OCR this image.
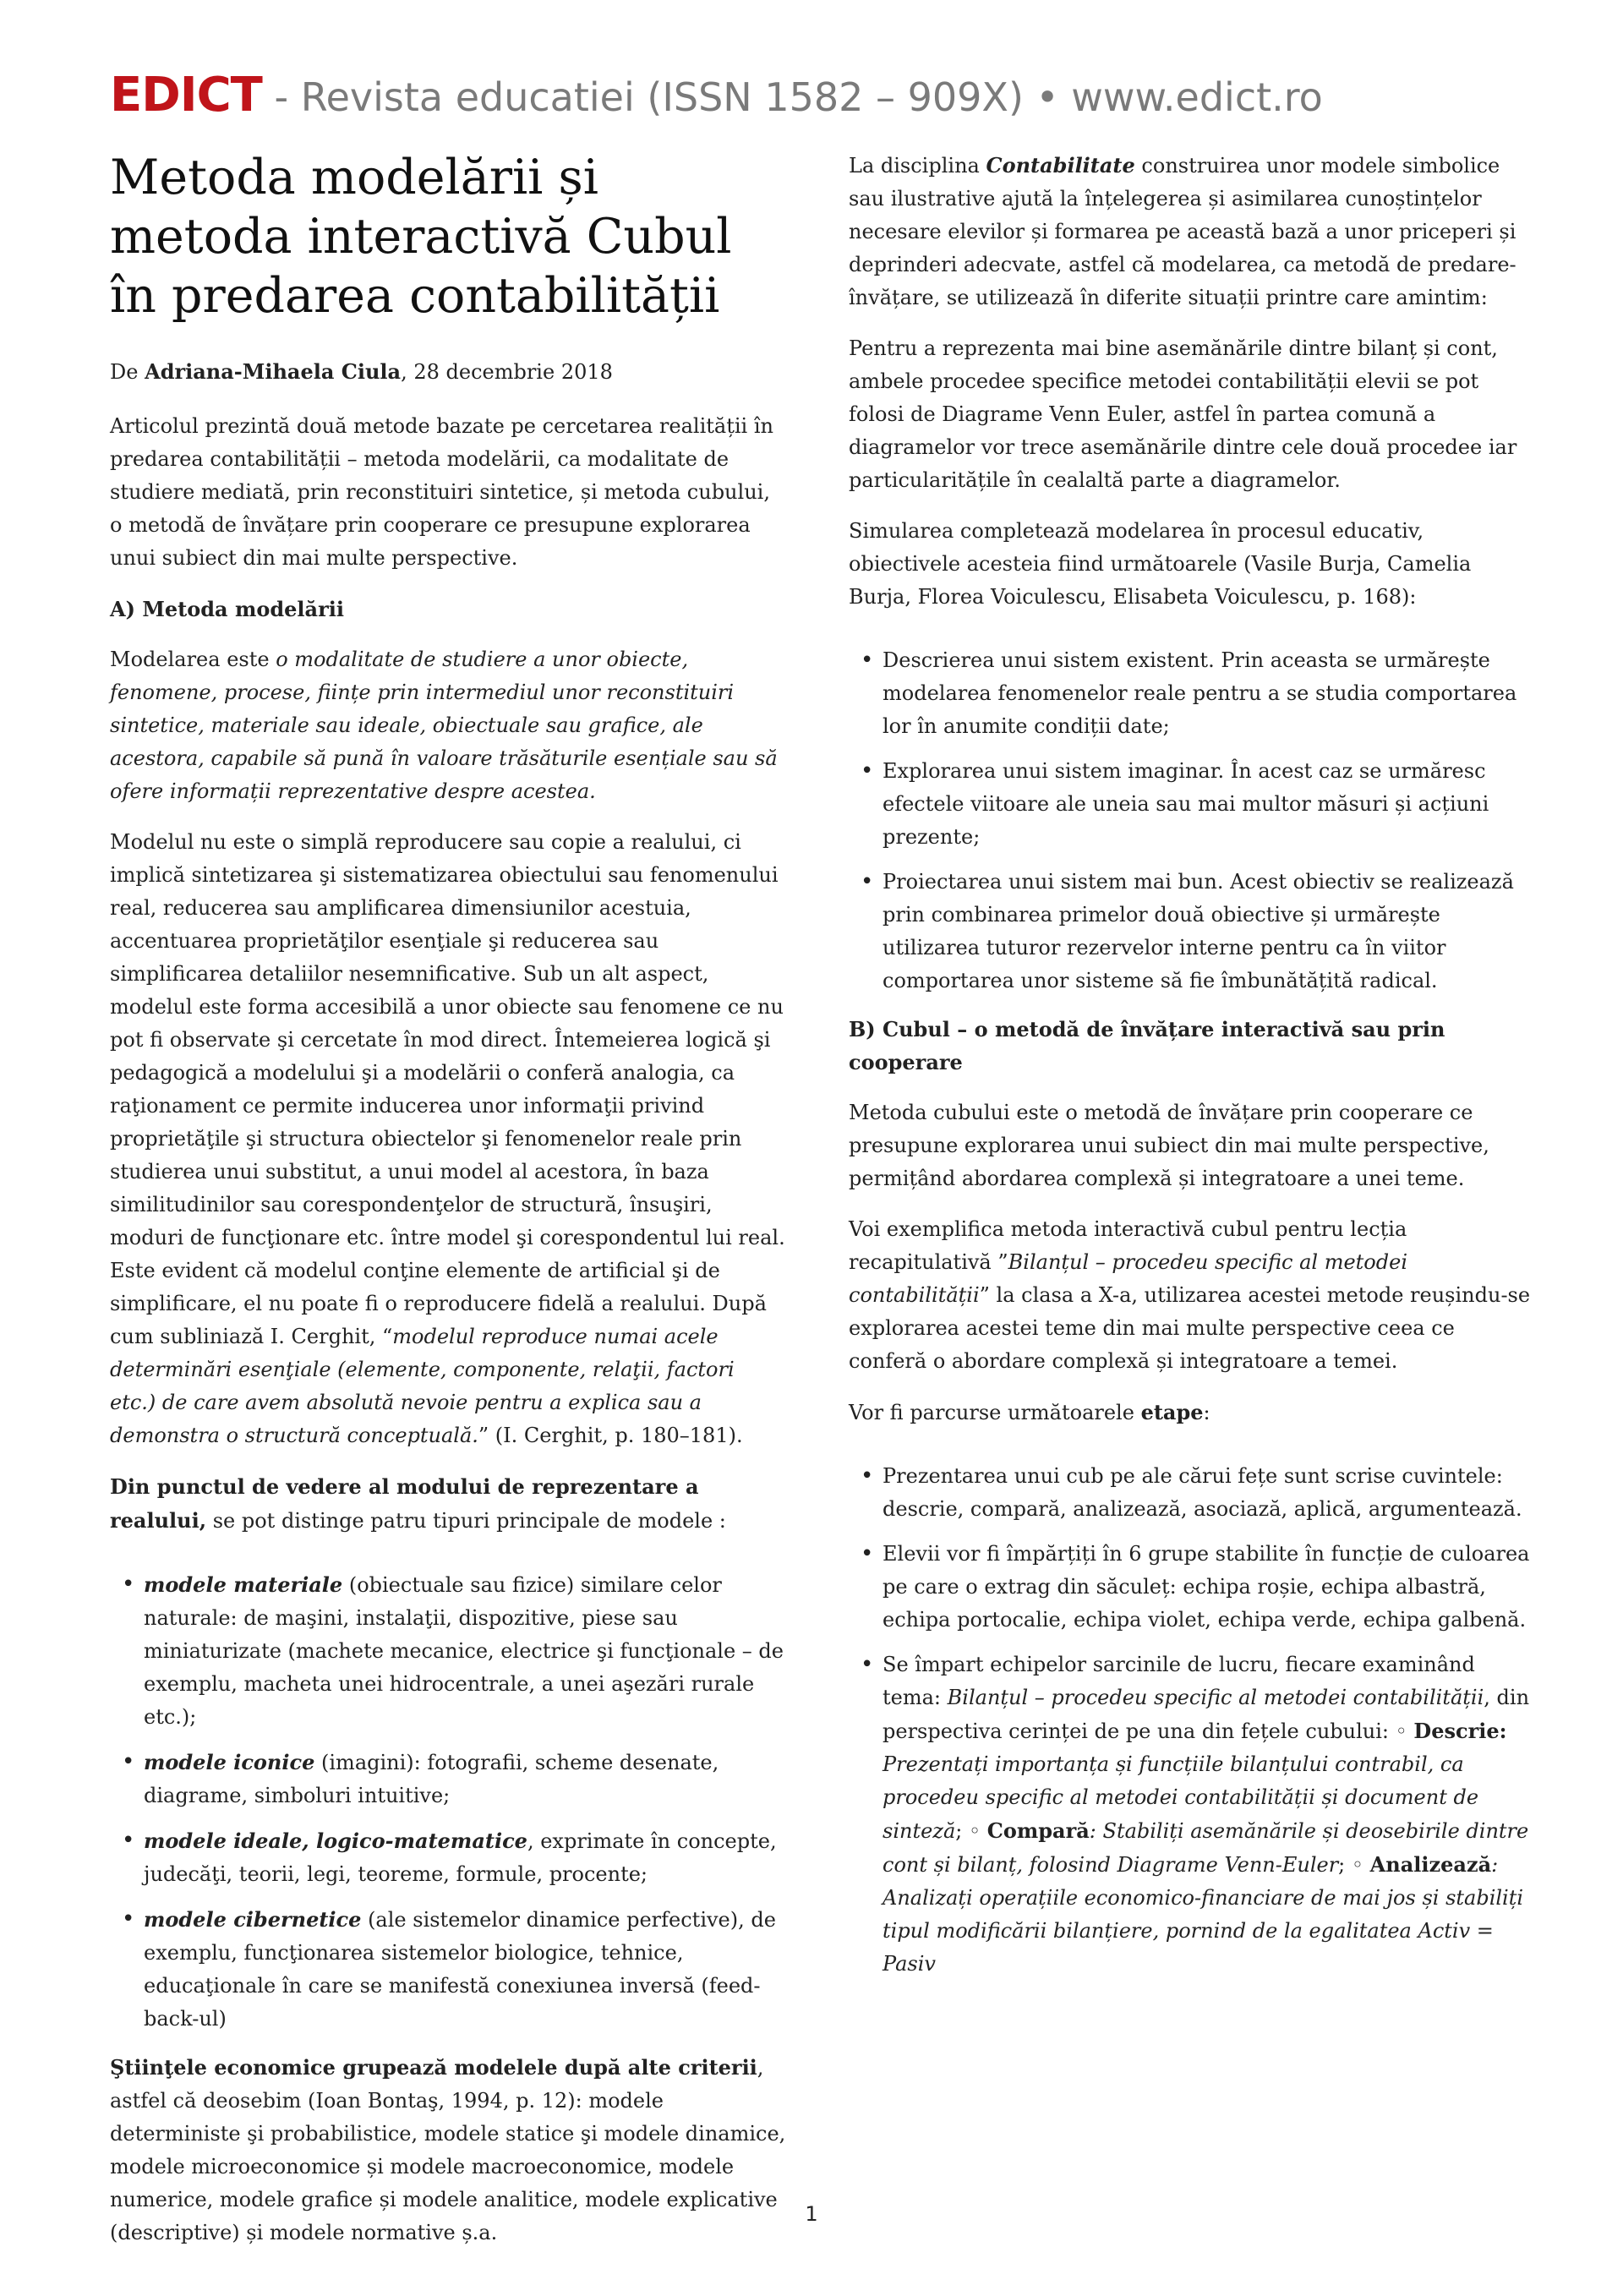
EDICT - Revista educatiei (ISSN 1582 – 909X) • www.edict.ro
Metoda modelării și metoda interactivă Cubul în predarea contabilității

De Adriana-Mihaela Ciula, 28 decembrie 2018

Articolul prezintă două metode bazate pe cercetarea realității în predarea contabilității – metoda modelării, ca modalitate de studiere mediată, prin reconstituiri sintetice, și metoda cubului, o metodă de învățare prin cooperare ce presupune explorarea unui subiect din mai multe perspective.

A) Metoda modelării

Modelarea este o modalitate de studiere a unor obiecte, fenomene, procese, ființe prin intermediul unor reconstituiri sintetice, materiale sau ideale, obiectuale sau grafice, ale acestora, capabile să pună în valoare trăsăturile esențiale sau să ofere informații reprezentative despre acestea.

Modelul nu este o simplă reproducere sau copie a realului, ci implică sintetizarea şi sistematizarea obiectului sau fenomenului real, reducerea sau amplificarea dimensiunilor acestuia, accentuarea proprietăţilor esenţiale şi reducerea sau simplificarea detaliilor nesemnificative. Sub un alt aspect, modelul este forma accesibilă a unor obiecte sau fenomene ce nu pot fi observate şi cercetate în mod direct. Întemeierea logică şi pedagogică a modelului şi a modelării o conferă analogia, ca raţionament ce permite inducerea unor informaţii privind proprietăţile şi structura obiectelor şi fenomenelor reale prin studierea unui substitut, a unui model al acestora, în baza similitudinilor sau corespondenţelor de structură, însuşiri, moduri de funcţionare etc. între model şi corespondentul lui real. Este evident că modelul conţine elemente de artificial şi de simplificare, el nu poate fi o reproducere fidelă a realului. După cum subliniază I. Cerghit, “modelul reproduce numai acele determinări esenţiale (elemente, componente, relaţii, factori etc.) de care avem absolută nevoie pentru a explica sau a demonstra o structură conceptuală.” (I. Cerghit, p. 180–181).

Din punctul de vedere al modului de reprezentare a realului, se pot distinge patru tipuri principale de modele :

• modele materiale (obiectuale sau fizice) similare celor naturale: de maşini, instalaţii, dispozitive, piese sau miniaturizate (machete mecanice, electrice şi funcţionale – de exemplu, macheta unei hidrocentrale, a unei aşezări rurale etc.);
• modele iconice (imagini): fotografii, scheme desenate, diagrame, simboluri intuitive;
• modele ideale, logico-matematice, exprimate în concepte, judecăţi, teorii, legi, teoreme, formule, procente;
• modele cibernetice (ale sistemelor dinamice perfective), de exemplu, funcţionarea sistemelor biologice, tehnice, educaţionale în care se manifestă conexiunea inversă (feed-back-ul)

Ştiinţele economice grupează modelele după alte criterii, astfel că deosebim (Ioan Bontaş, 1994, p. 12): modele deterministe şi probabilistice, modele statice şi modele dinamice, modele microeconomice și modele macroeconomice, modele numerice, modele grafice și modele analitice, modele explicative (descriptive) și modele normative ș.a.

La disciplina Contabilitate construirea unor modele simbolice sau ilustrative ajută la înțelegerea și asimilarea cunoștințelor necesare elevilor și formarea pe această bază a unor priceperi și deprinderi adecvate, astfel că modelarea, ca metodă de predare-învățare, se utilizează în diferite situații printre care amintim:

Pentru a reprezenta mai bine asemănările dintre bilanț și cont, ambele procedee specifice metodei contabilității elevii se pot folosi de Diagrame Venn Euler, astfel în partea comună a diagramelor vor trece asemănările dintre cele două procedee iar particularitățile în cealaltă parte a diagramelor.

Simularea completează modelarea în procesul educativ, obiectivele acesteia fiind următoarele (Vasile Burja, Camelia Burja, Florea Voiculescu, Elisabeta Voiculescu, p. 168):

• Descrierea unui sistem existent. Prin aceasta se urmărește modelarea fenomenelor reale pentru a se studia comportarea lor în anumite condiții date;
• Explorarea unui sistem imaginar. În acest caz se urmăresc efectele viitoare ale uneia sau mai multor măsuri și acțiuni prezente;
• Proiectarea unui sistem mai bun. Acest obiectiv se realizează prin combinarea primelor două obiective și urmărește utilizarea tuturor rezervelor interne pentru ca în viitor comportarea unor sisteme să fie îmbunătățită radical.

B) Cubul – o metodă de învățare interactivă sau prin cooperare

Metoda cubului este o metodă de învățare prin cooperare ce presupune explorarea unui subiect din mai multe perspective, permițând abordarea complexă și integratoare a unei teme.

Voi exemplifica metoda interactivă cubul pentru lecția recapitulativă ”Bilanțul – procedeu specific al metodei contabilității” la clasa a X-a, utilizarea acestei metode reușindu-se explorarea acestei teme din mai multe perspective ceea ce conferă o abordare complexă și integratoare a temei.

Vor fi parcurse următoarele etape:

• Prezentarea unui cub pe ale cărui fețe sunt scrise cuvintele: descrie, compară, analizează, asociază, aplică, argumentează.
• Elevii vor fi împărțiți în 6 grupe stabilite în funcție de culoarea pe care o extrag din săculeț: echipa roșie, echipa albastră, echipa portocalie, echipa violet, echipa verde, echipa galbenă.
• Se împart echipelor sarcinile de lucru, fiecare examinând tema: Bilanțul – procedeu specific al metodei contabilității, din perspectiva cerinței de pe una din fețele cubului: ◦ Descrie: Prezentați importanța și funcțiile bilanțului contrabil, ca procedeu specific al metodei contabilității și document de sinteză; ◦ Compară: Stabiliți asemănările și deosebirile dintre cont și bilanț, folosind Diagrame Venn-Euler; ◦ Analizează: Analizați operațiile economico-financiare de mai jos și stabiliți tipul modificării bilanțiere, pornind de la egalitatea Activ = Pasiv
1
